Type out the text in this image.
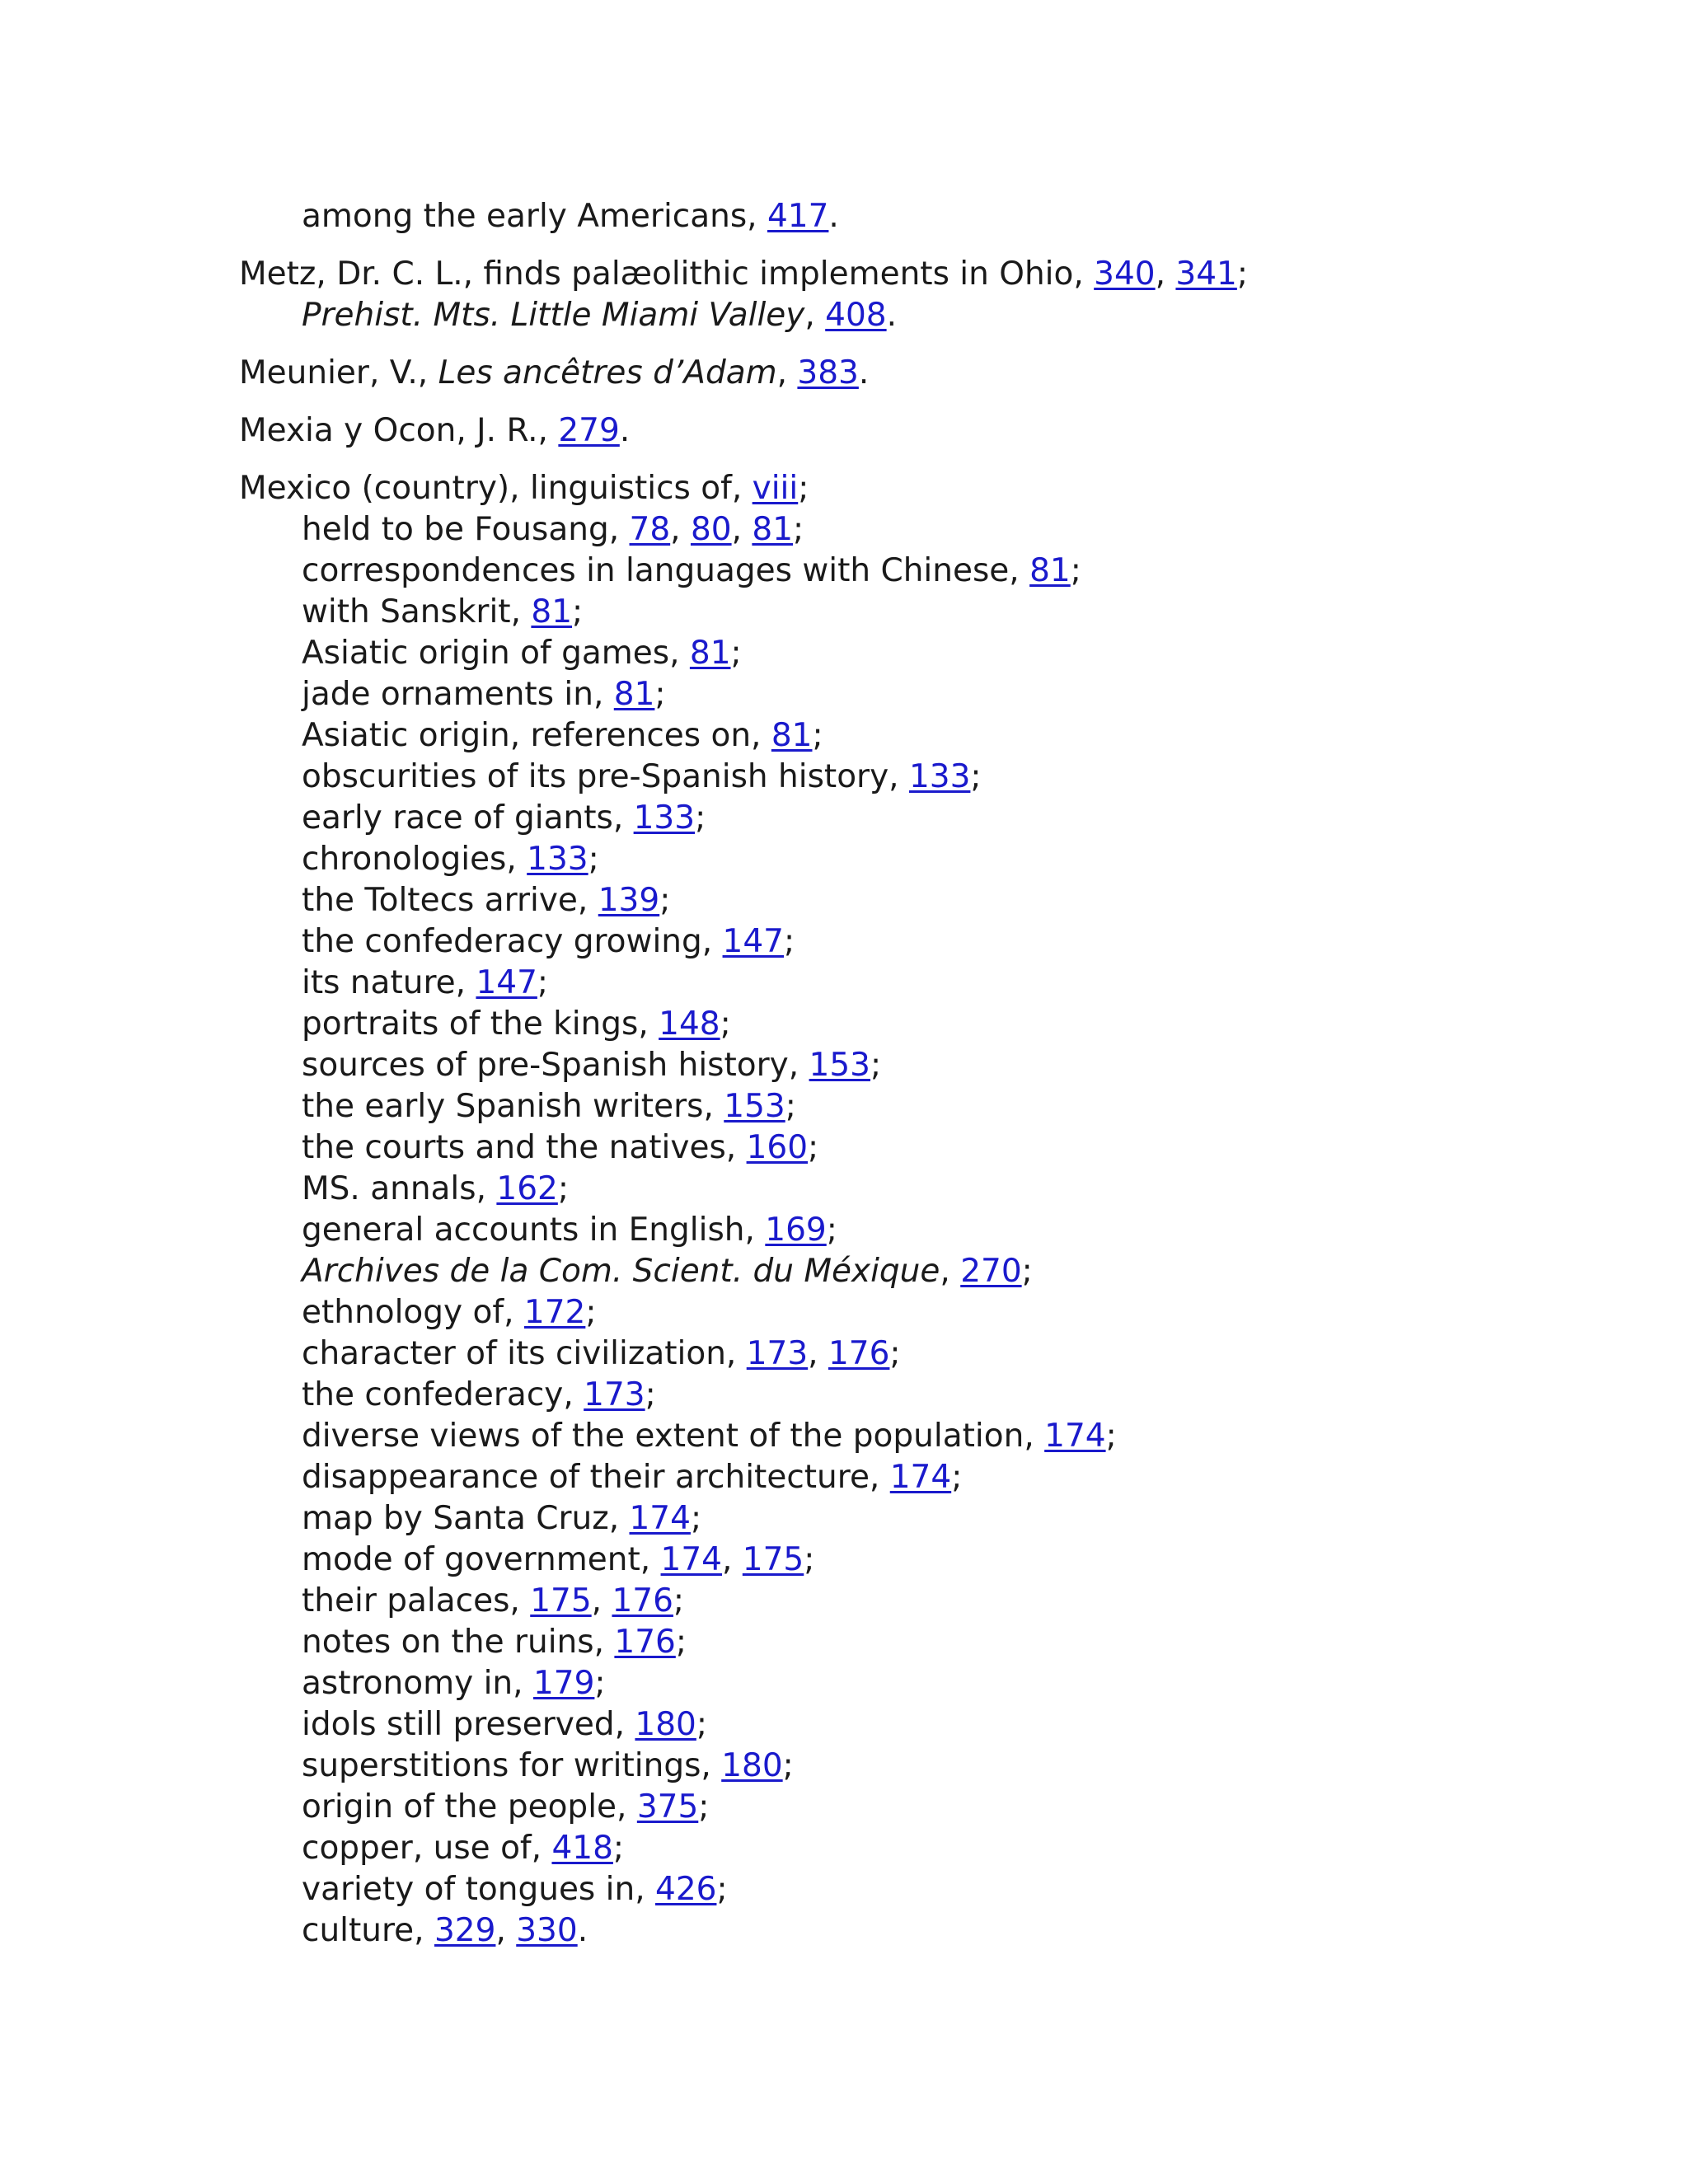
among the early Americans, 417.
Metz, Dr. C. L., finds palæolithic implements in Ohio, 340, 341;
Prehist. Mts. Little Miami Valley, 408.
Meunier, V., Les ancêtres d’Adam, 383.
Mexia y Ocon, J. R., 279.
Mexico (country), linguistics of, viii;
held to be Fousang, 78, 80, 81;
correspondences in languages with Chinese, 81;
with Sanskrit, 81;
Asiatic origin of games, 81;
jade ornaments in, 81;
Asiatic origin, references on, 81;
obscurities of its pre-Spanish history, 133;
early race of giants, 133;
chronologies, 133;
the Toltecs arrive, 139;
the confederacy growing, 147;
its nature, 147;
portraits of the kings, 148;
sources of pre-Spanish history, 153;
the early Spanish writers, 153;
the courts and the natives, 160;
MS. annals, 162;
general accounts in English, 169;
Archives de la Com. Scient. du Méxique, 270;
ethnology of, 172;
character of its civilization, 173, 176;
the confederacy, 173;
diverse views of the extent of the population, 174;
disappearance of their architecture, 174;
map by Santa Cruz, 174;
mode of government, 174, 175;
their palaces, 175, 176;
notes on the ruins, 176;
astronomy in, 179;
idols still preserved, 180;
superstitions for writings, 180;
origin of the people, 375;
copper, use of, 418;
variety of tongues in, 426;
culture, 329, 330.
